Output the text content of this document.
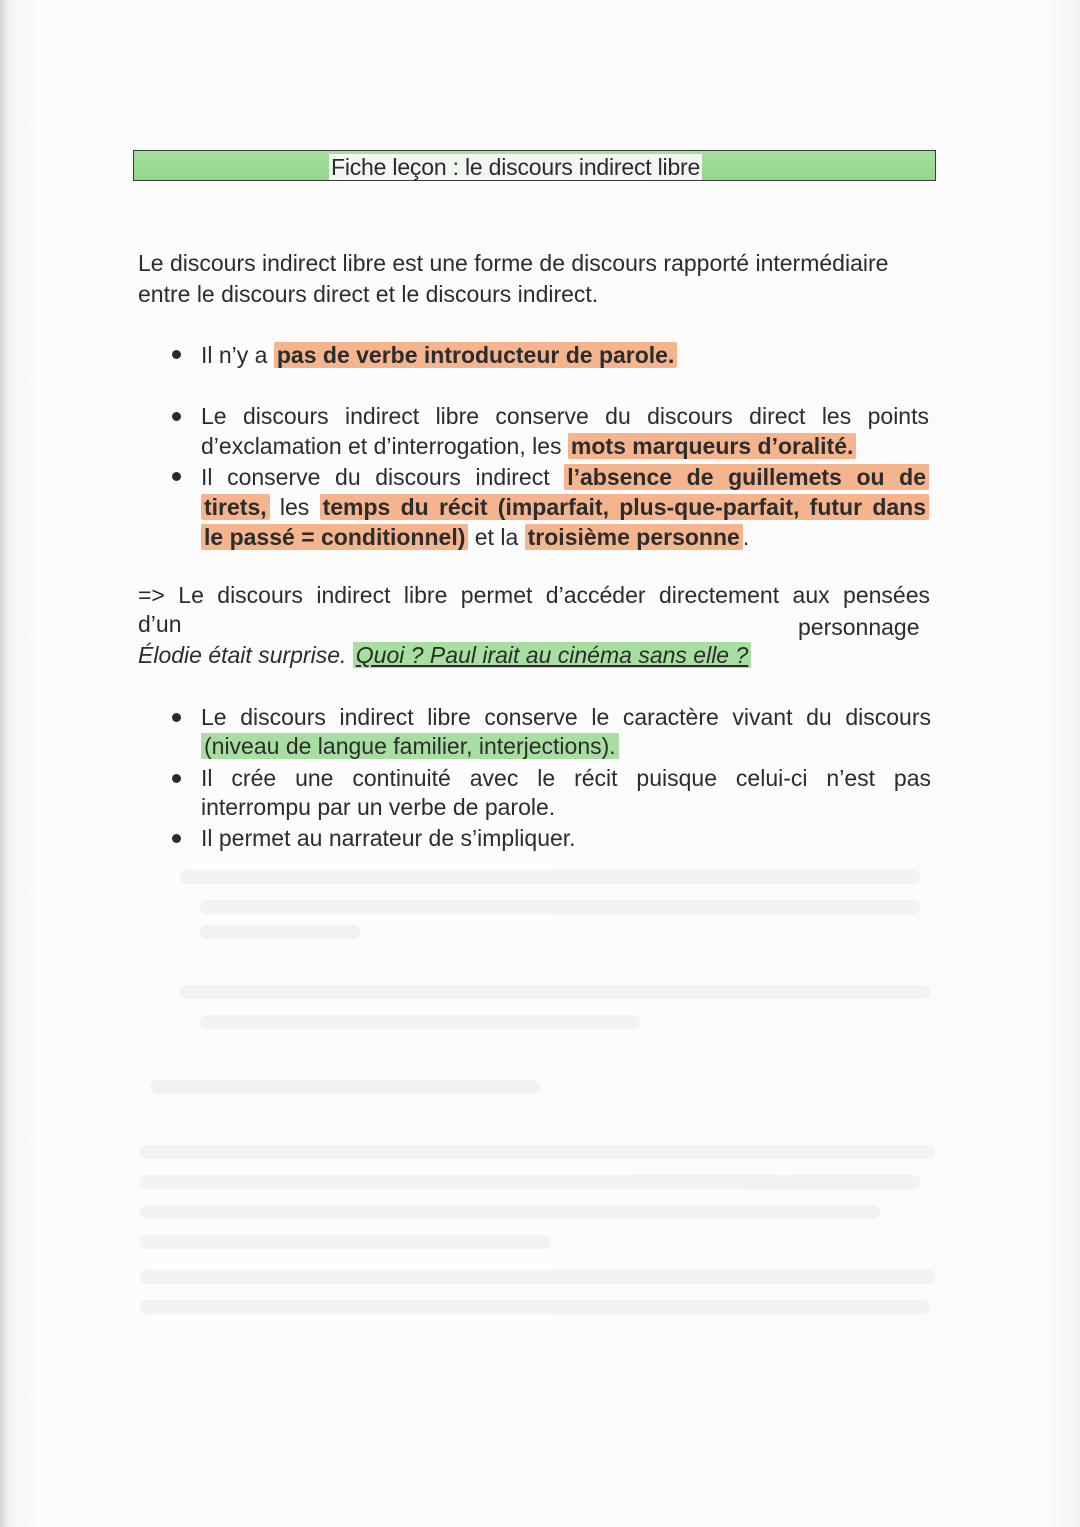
Fiche leçon : le discours indirect libre
Le discours indirect libre est une forme de discours rapporté intermédiaire
entre le discours direct et le discours indirect.
Il n’y a pas de verbe introducteur de parole.
Le discours indirect libre conserve du discours direct les points
d’exclamation et d’interrogation, les mots marqueurs d’oralité.
Il conserve du discours indirect l’absence de guillemets ou de
tirets, les temps du récit (imparfait, plus-que-parfait, futur dans
le passé = conditionnel) et la troisième personne .
=> Le discours indirect libre permet d’accéder directement aux pensées
d’un	personnage
Élodie était surprise. Quoi ? Paul irait au cinéma sans elle ?
Le discours indirect libre conserve le caractère vivant du discours
(niveau de langue familier, interjections).
Il crée une continuité avec le récit puisque celui-ci n’est pas
interrompu par un verbe de parole.
Il permet au narrateur de s’impliquer.
